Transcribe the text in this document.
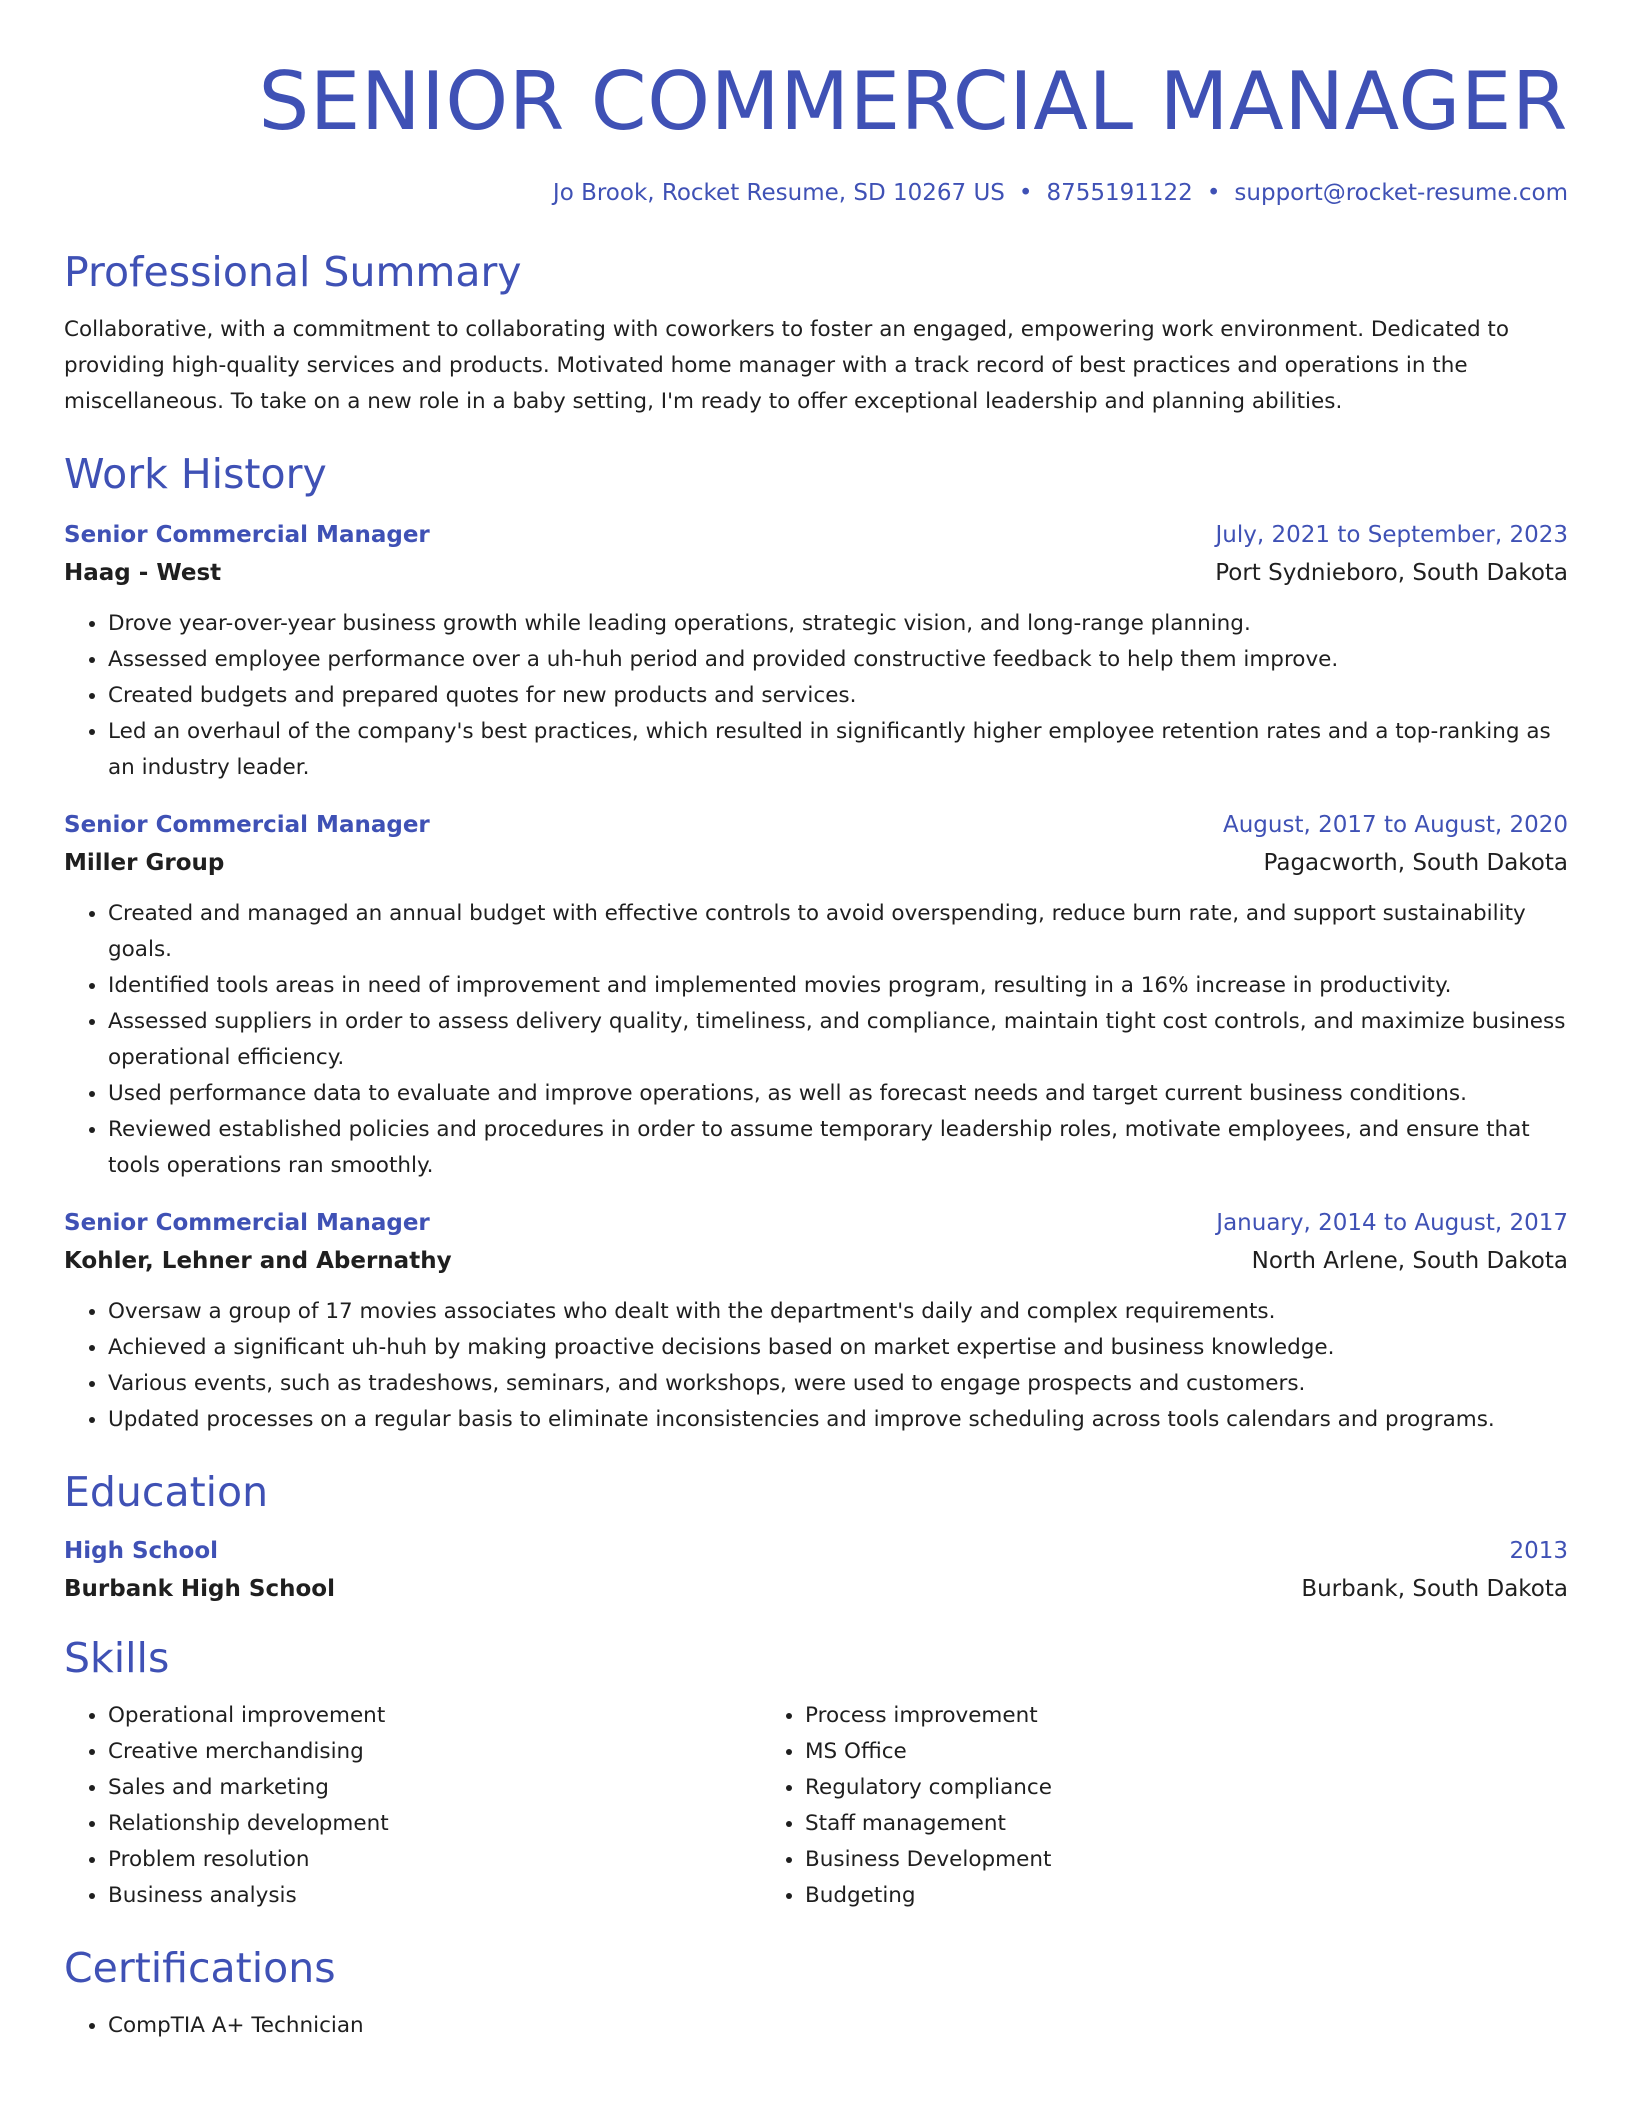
SENIOR COMMERCIAL MANAGER
Jo Brook, Rocket Resume, SD 10267 US • 8755191122 • support@rocket-resume.com
Professional Summary

Collaborative, with a commitment to collaborating with coworkers to foster an engaged, empowering work environment. Dedicated to providing high-quality services and products. Motivated home manager with a track record of best practices and operations in the miscellaneous. To take on a new role in a baby setting, I'm ready to offer exceptional leadership and planning abilities.

Work History
Senior Commercial Manager	July, 2021 to September, 2023
Haag - West	Port Sydnieboro, South Dakota
• Drove year-over-year business growth while leading operations, strategic vision, and long-range planning.
• Assessed employee performance over a uh-huh period and provided constructive feedback to help them improve.
• Created budgets and prepared quotes for new products and services.
• Led an overhaul of the company's best practices, which resulted in significantly higher employee retention rates and a top-ranking as an industry leader.
Senior Commercial Manager	August, 2017 to August, 2020
Miller Group	Pagacworth, South Dakota
• Created and managed an annual budget with effective controls to avoid overspending, reduce burn rate, and support sustainability goals.
• Identified tools areas in need of improvement and implemented movies program, resulting in a 16% increase in productivity.
• Assessed suppliers in order to assess delivery quality, timeliness, and compliance, maintain tight cost controls, and maximize business operational efficiency.
• Used performance data to evaluate and improve operations, as well as forecast needs and target current business conditions.
• Reviewed established policies and procedures in order to assume temporary leadership roles, motivate employees, and ensure that tools operations ran smoothly.
Senior Commercial Manager	January, 2014 to August, 2017
Kohler, Lehner and Abernathy	North Arlene, South Dakota
• Oversaw a group of 17 movies associates who dealt with the department's daily and complex requirements.
• Achieved a significant uh-huh by making proactive decisions based on market expertise and business knowledge.
• Various events, such as tradeshows, seminars, and workshops, were used to engage prospects and customers.
• Updated processes on a regular basis to eliminate inconsistencies and improve scheduling across tools calendars and programs.
Education
High School	2013
Burbank High School	Burbank, South Dakota
Skills
• Operational improvement
• Creative merchandising
• Sales and marketing
• Relationship development
• Problem resolution
• Business analysis
• Process improvement
• MS Office
• Regulatory compliance
• Staff management
• Business Development
• Budgeting
Certifications
• CompTIA A+ Technician
